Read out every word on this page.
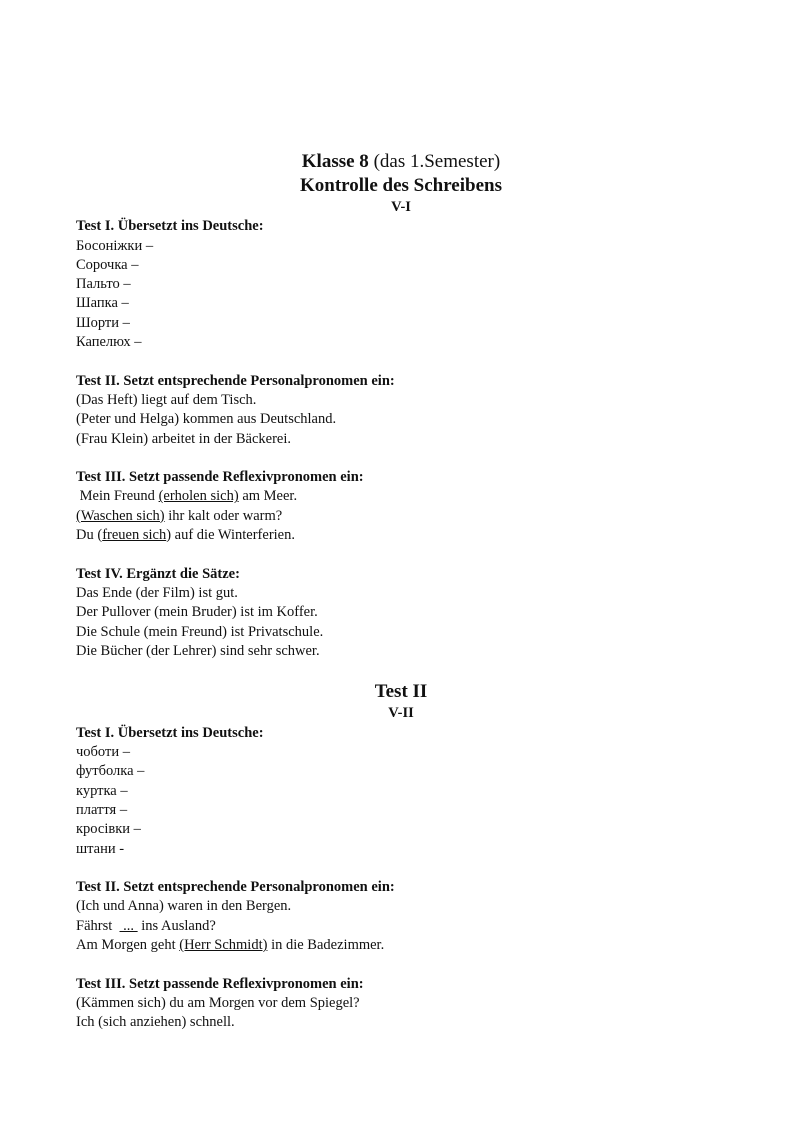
Klasse 8 (das 1.Semester)
Kontrolle des Schreibens
V-I
Test I. Übersetzt ins Deutsche:
Босоніжки –
Сорочка –
Пальто –
Шапка –
Шорти –
Капелюх –
Test II. Setzt entsprechende Personalpronomen ein:
(Das Heft) liegt auf dem Tisch.
(Peter und Helga) kommen aus Deutschland.
(Frau Klein) arbeitet in der Bäckerei.
Test III. Setzt passende Reflexivpronomen ein:
Mein Freund (erholen sich) am Meer.
(Waschen sich) ihr kalt oder warm?
Du (freuen sich) auf die Winterferien.
Test IV. Ergänzt die Sätze:
Das Ende (der Film) ist gut.
Der Pullover (mein Bruder) ist im Koffer.
Die Schule (mein Freund) ist Privatschule.
Die Bücher (der Lehrer) sind sehr schwer.
Test II
V-II
Test I. Übersetzt ins Deutsche:
чоботи –
футболка –
куртка –
плаття –
кросівки –
штани -
Test II. Setzt entsprechende Personalpronomen ein:
(Ich und Anna) waren in den Bergen.
Fährst   ...  ins Ausland?
Am Morgen geht (Herr Schmidt) in die Badezimmer.
Test III. Setzt passende Reflexivpronomen ein:
(Kämmen sich) du am Morgen vor dem Spiegel?
Ich (sich anziehen) schnell.
